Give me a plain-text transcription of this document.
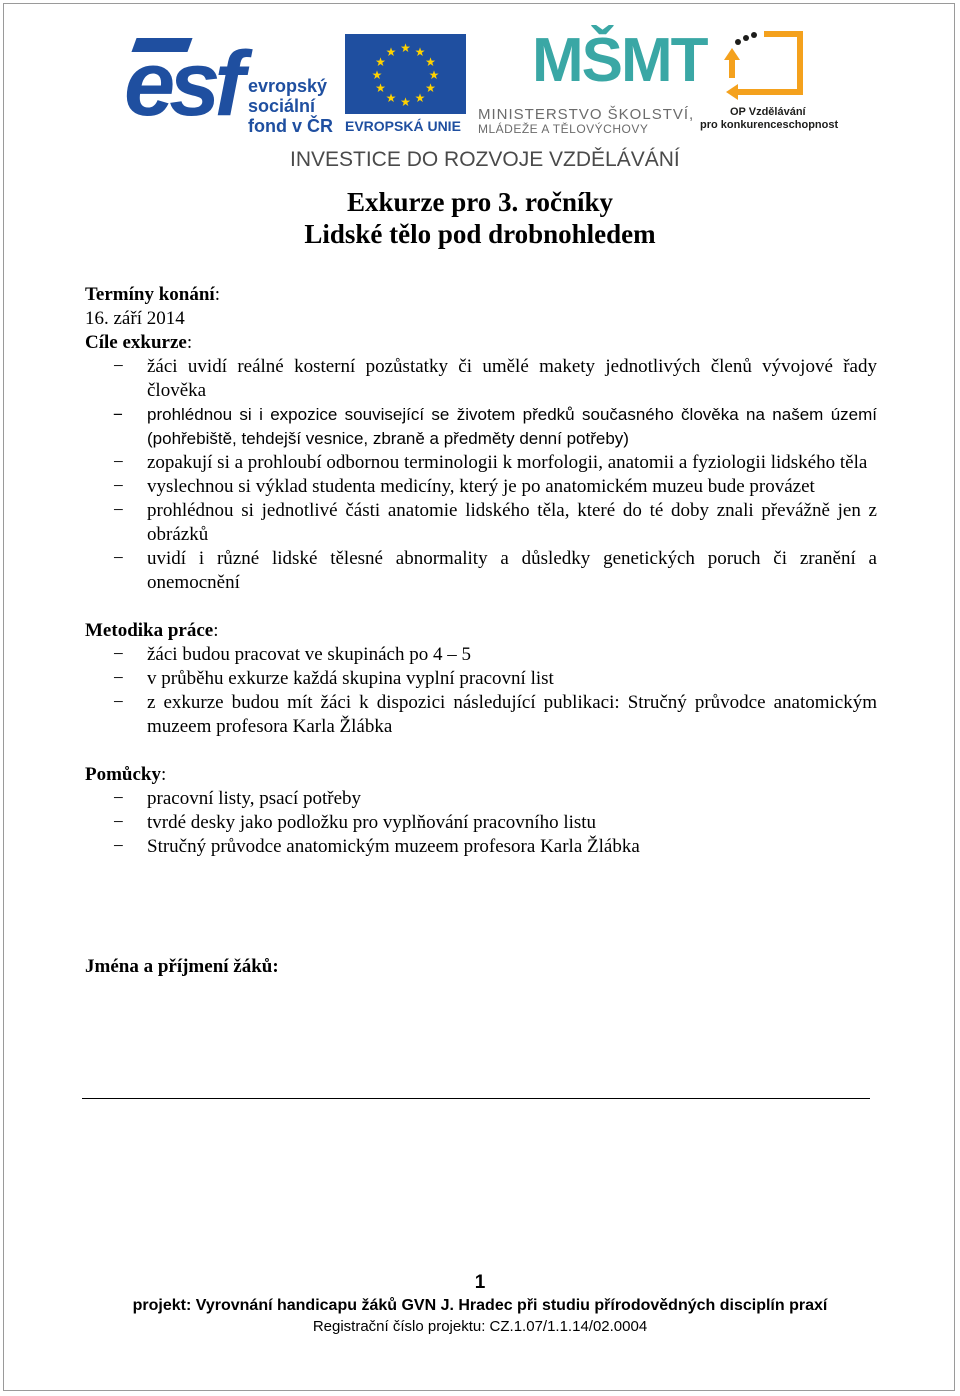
esf evropský
sociální
fond v ČR
★ ★
★
★
★
★
★
★
★
★
★
★
EVROPSKÁ UNIE
MŠMT
MINISTERSTVO ŠKOLSTVÍ,
MLÁDEŽE A TĚLOVÝCHOVY
2007-13
OP Vzdělávání
pro konkurenceschopnost
INVESTICE DO ROZVOJE VZDĚLÁVÁNÍ
Exkurze pro 3. ročníky
Lidské tělo pod drobnohledem
Termíny konání:
16. září 2014
Cíle exkurze:
− žáci uvidí reálné kosterní pozůstatky či umělé makety jednotlivých členů vývojové řady člověka
− prohlédnou si i expozice související se životem předků současného člověka na našem území (pohřebiště, tehdejší vesnice, zbraně a předměty denní potřeby)
− zopakují si a prohloubí odbornou terminologii k morfologii, anatomii a fyziologii lidského těla
− vyslechnou si výklad studenta medicíny, který je po anatomickém muzeu bude provázet
− prohlédnou si jednotlivé části anatomie lidského těla, které do té doby znali převážně jen z obrázků
− uvidí i různé lidské tělesné abnormality a důsledky genetických poruch či zranění a onemocnění
Metodika práce:
− žáci budou pracovat ve skupinách po 4 – 5
− v průběhu exkurze každá skupina vyplní pracovní list
− z exkurze budou mít žáci k dispozici následující publikaci: Stručný průvodce anatomickým muzeem profesora Karla Žlábka
Pomůcky:
− pracovní listy, psací potřeby
− tvrdé desky jako podložku pro vyplňování pracovního listu
− Stručný průvodce anatomickým muzeem profesora Karla Žlábka
Jména a příjmení žáků:
1
projekt: Vyrovnání handicapu žáků GVN J. Hradec při studiu přírodovědných disciplín praxí
Registrační číslo projektu: CZ.1.07/1.1.14/02.0004
